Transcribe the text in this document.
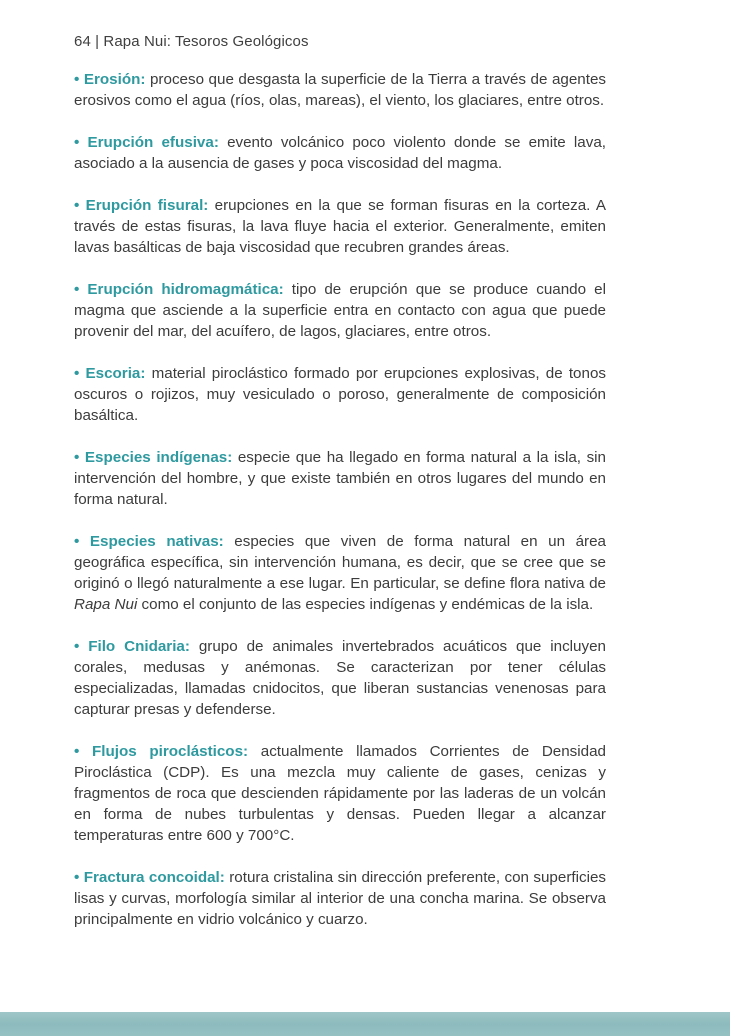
64 | Rapa Nui: Tesoros Geológicos

• Erosión: proceso que desgasta la superficie de la Tierra a través de agentes erosivos como el agua (ríos, olas, mareas), el viento, los glaciares, entre otros.

• Erupción efusiva: evento volcánico poco violento donde se emite lava, asociado a la ausencia de gases y poca viscosidad del magma.

• Erupción fisural: erupciones en la que se forman fisuras en la corteza. A través de estas fisuras, la lava fluye hacia el exterior. Generalmente, emiten lavas basálticas de baja viscosidad que recubren grandes áreas.

• Erupción hidromagmática: tipo de erupción que se produce cuando el magma que asciende a la superficie entra en contacto con agua que puede provenir del mar, del acuífero, de lagos, glaciares, entre otros.

• Escoria: material piroclástico formado por erupciones explosivas, de tonos oscuros o rojizos, muy vesiculado o poroso, generalmente de composición basáltica.

• Especies indígenas: especie que ha llegado en forma natural a la isla, sin intervención del hombre, y que existe también en otros lugares del mundo en forma natural.

• Especies nativas: especies que viven de forma natural en un área geográfica específica, sin intervención humana, es decir, que se cree que se originó o llegó naturalmente a ese lugar. En particular, se define flora nativa de Rapa Nui como el conjunto de las especies indígenas y endémicas de la isla.

• Filo Cnidaria: grupo de animales invertebrados acuáticos que incluyen corales, medusas y anémonas. Se caracterizan por tener células especializadas, llamadas cnidocitos, que liberan sustancias venenosas para capturar presas y defenderse.

• Flujos piroclásticos: actualmente llamados Corrientes de Densidad Piroclástica (CDP). Es una mezcla muy caliente de gases, cenizas y fragmentos de roca que descienden rápidamente por las laderas de un volcán en forma de nubes turbulentas y densas. Pueden llegar a alcanzar temperaturas entre 600 y 700°C.

• Fractura concoidal: rotura cristalina sin dirección preferente, con superficies lisas y curvas, morfología similar al interior de una concha marina. Se observa principalmente en vidrio volcánico y cuarzo.
